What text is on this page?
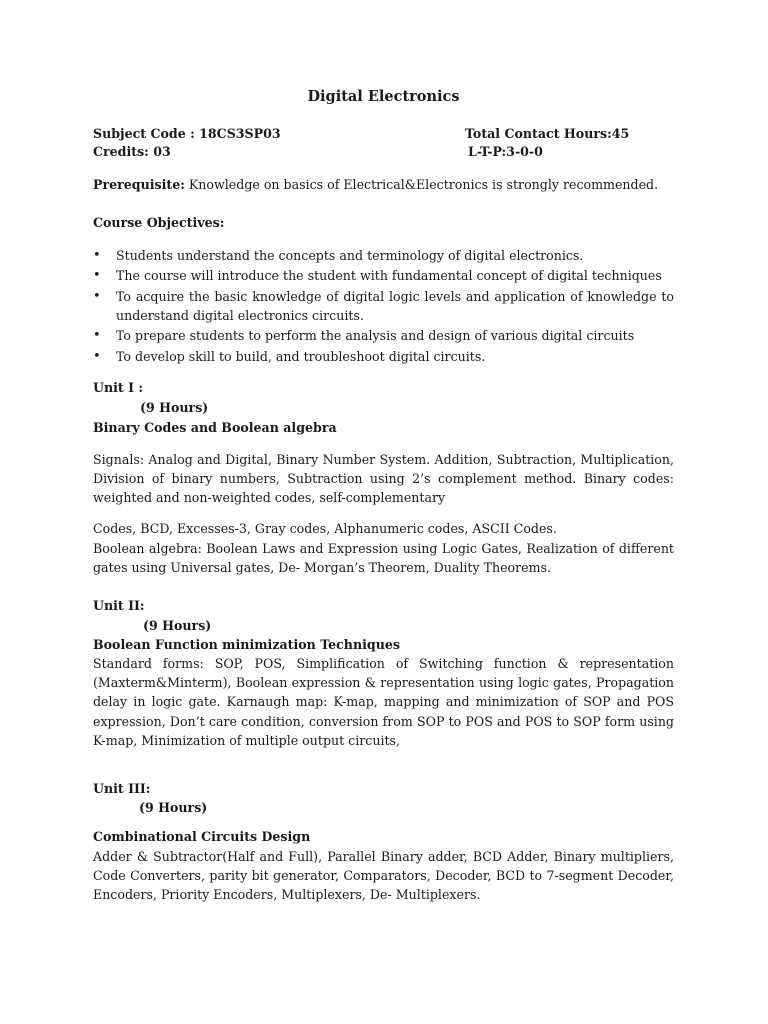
Digital Electronics
Subject Code : 18CS3SP03	Total Contact Hours:45
Credits: 03	L-T-P:3-0-0
Prerequisite: Knowledge on basics of Electrical&Electronics is strongly recommended.
Course Objectives:
• Students understand the concepts and terminology of digital electronics.
• The course will introduce the student with fundamental concept of digital techniques
• To acquire the basic knowledge of digital logic levels and application of knowledge to
understand digital electronics circuits.
• To prepare students to perform the analysis and design of various digital circuits
• To develop skill to build, and troubleshoot digital circuits.
Unit I :
(9 Hours)
Binary Codes and Boolean algebra
Signals: Analog and Digital, Binary Number System. Addition, Subtraction, Multiplication,
Division of binary numbers, Subtraction using 2’s complement method. Binary codes:
weighted and non-weighted codes, self-complementary
Codes, BCD, Excesses-3, Gray codes, Alphanumeric codes, ASCII Codes.
Boolean algebra: Boolean Laws and Expression using Logic Gates, Realization of different
gates using Universal gates, De- Morgan’s Theorem, Duality Theorems.
Unit II:
(9 Hours)
Boolean Function minimization Techniques
Standard forms: SOP, POS, Simplification of Switching function & representation
(Maxterm&Minterm), Boolean expression & representation using logic gates, Propagation
delay in logic gate. Karnaugh map: K-map, mapping and minimization of SOP and POS
expression, Don’t care condition, conversion from SOP to POS and POS to SOP form using
K-map, Minimization of multiple output circuits,
Unit III:
(9 Hours)
Combinational Circuits Design
Adder & Subtractor(Half and Full), Parallel Binary adder, BCD Adder, Binary multipliers,
Code Converters, parity bit generator, Comparators, Decoder, BCD to 7-segment Decoder,
Encoders, Priority Encoders, Multiplexers, De- Multiplexers.
